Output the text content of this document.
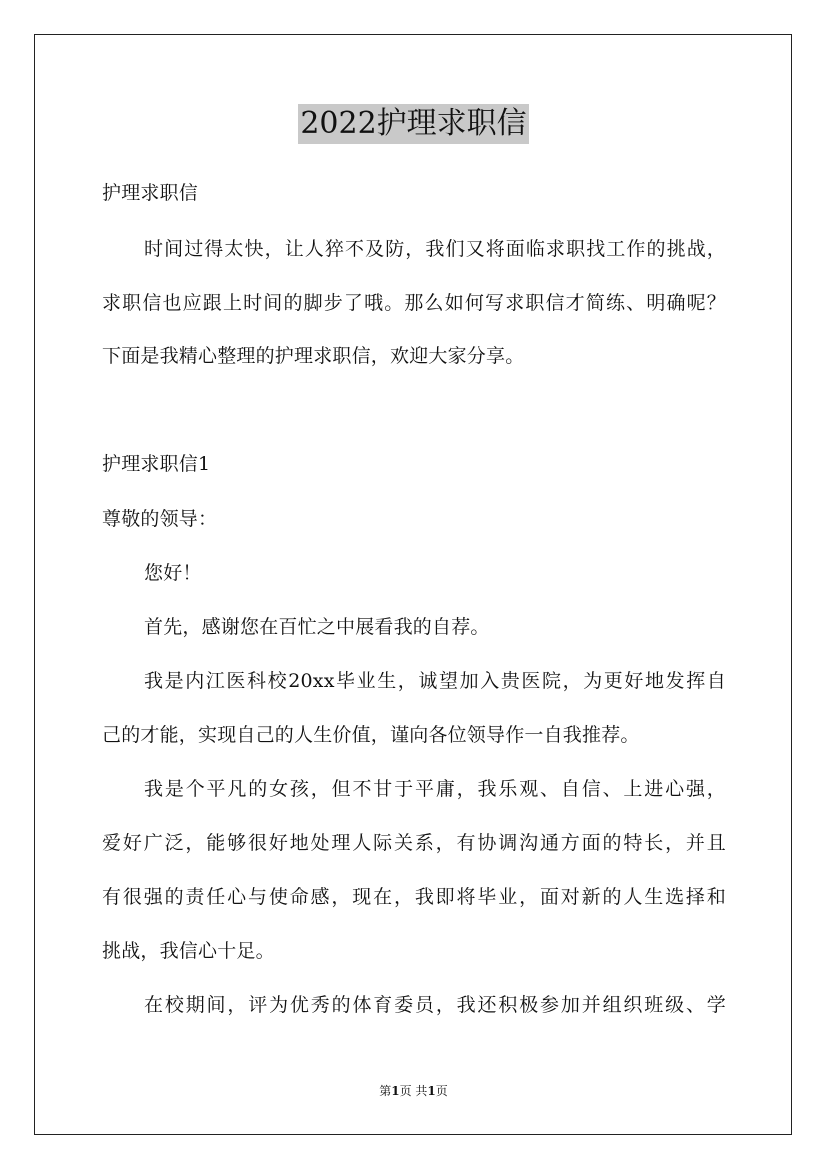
2022护理求职信
护理求职信
时间过得太快，让人猝不及防，我们又将面临求职找工作的挑战，
求职信也应跟上时间的脚步了哦。那么如何写求职信才简练、明确呢？
下面是我精心整理的护理求职信，欢迎大家分享。
护理求职信1
尊敬的领导：
您好！
首先，感谢您在百忙之中展看我的自荐。
我是内江医科校20xx毕业生，诚望加入贵医院，为更好地发挥自
己的才能，实现自己的人生价值，谨向各位领导作一自我推荐。
我是个平凡的女孩，但不甘于平庸，我乐观、自信、上进心强，
爱好广泛，能够很好地处理人际关系，有协调沟通方面的特长，并且
有很强的责任心与使命感，现在，我即将毕业，面对新的人生选择和
挑战，我信心十足。
在校期间，评为优秀的体育委员，我还积极参加并组织班级、学
第1页 共1页
